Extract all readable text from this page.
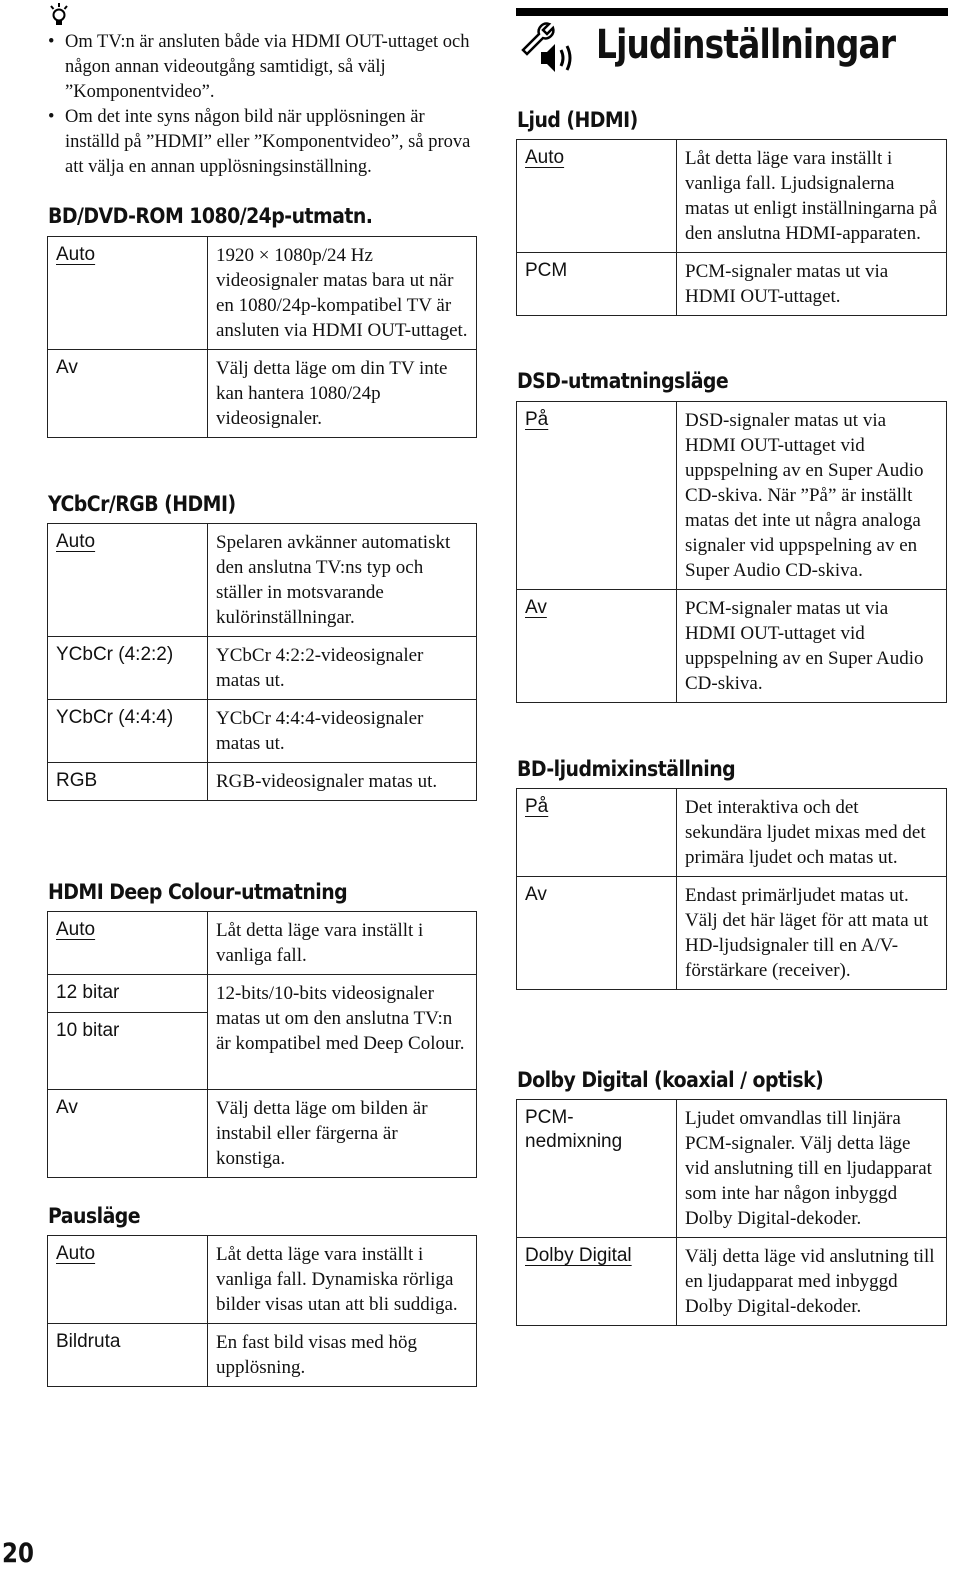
• Om TV:n är ansluten både via HDMI OUT-uttaget och någon annan videoutgång samtidigt, så välj ”Komponentvideo”.
• Om det inte syns någon bild när upplösningen är inställd på ”HDMI” eller ”Komponentvideo”, så prova att välja en annan upplösningsinställning.
BD/DVD-ROM 1080/24p-utmatn.
Auto	1920 × 1080p/24 Hz videosignaler matas bara ut när en 1080/24p-kompatibel TV är ansluten via HDMI OUT-uttaget.
Av	Välj detta läge om din TV inte kan hantera 1080/24p videosignaler.
YCbCr/RGB (HDMI)
Auto	Spelaren avkänner automatiskt den anslutna TV:ns typ och ställer in motsvarande kulörinställningar.
YCbCr (4:2:2)	YCbCr 4:2:2-videosignaler matas ut.
YCbCr (4:4:4)	YCbCr 4:4:4-videosignaler matas ut.
RGB	RGB-videosignaler matas ut.
HDMI Deep Colour-utmatning
Auto	Låt detta läge vara inställt i vanliga fall.
12 bitar	12-bits/10-bits videosignaler matas ut om den anslutna TV:n är kompatibel med Deep Colour.
10 bitar	
Av	Välj detta läge om bilden är instabil eller färgerna är konstiga.
Pausläge
Auto	Låt detta läge vara inställt i vanliga fall. Dynamiska rörliga bilder visas utan att bli suddiga.
Bildruta	En fast bild visas med hög upplösning.
Ljudinställningar
Ljud (HDMI)
Auto	Låt detta läge vara inställt i vanliga fall. Ljudsignalerna matas ut enligt inställningarna på den anslutna HDMI-apparaten.
PCM	PCM-signaler matas ut via HDMI OUT-uttaget.
DSD-utmatningsläge
På	DSD-signaler matas ut via HDMI OUT-uttaget vid uppspelning av en Super Audio CD-skiva. När ”På” är inställt matas det inte ut några analoga signaler vid uppspelning av en Super Audio CD-skiva.
Av	PCM-signaler matas ut via HDMI OUT-uttaget vid uppspelning av en Super Audio CD-skiva.
BD-ljudmixinställning
På	Det interaktiva och det sekundära ljudet mixas med det primära ljudet och matas ut.
Av	Endast primärljudet matas ut. Välj det här läget för att mata ut HD-ljudsignaler till en A/V-förstärkare (receiver).
Dolby Digital (koaxial / optisk)
PCM-nedmixning	Ljudet omvandlas till linjära PCM-signaler. Välj detta läge vid anslutning till en ljudapparat som inte har någon inbyggd Dolby Digital-dekoder.
Dolby Digital	Välj detta läge vid anslutning till en ljudapparat med inbyggd Dolby Digital-dekoder.
20
